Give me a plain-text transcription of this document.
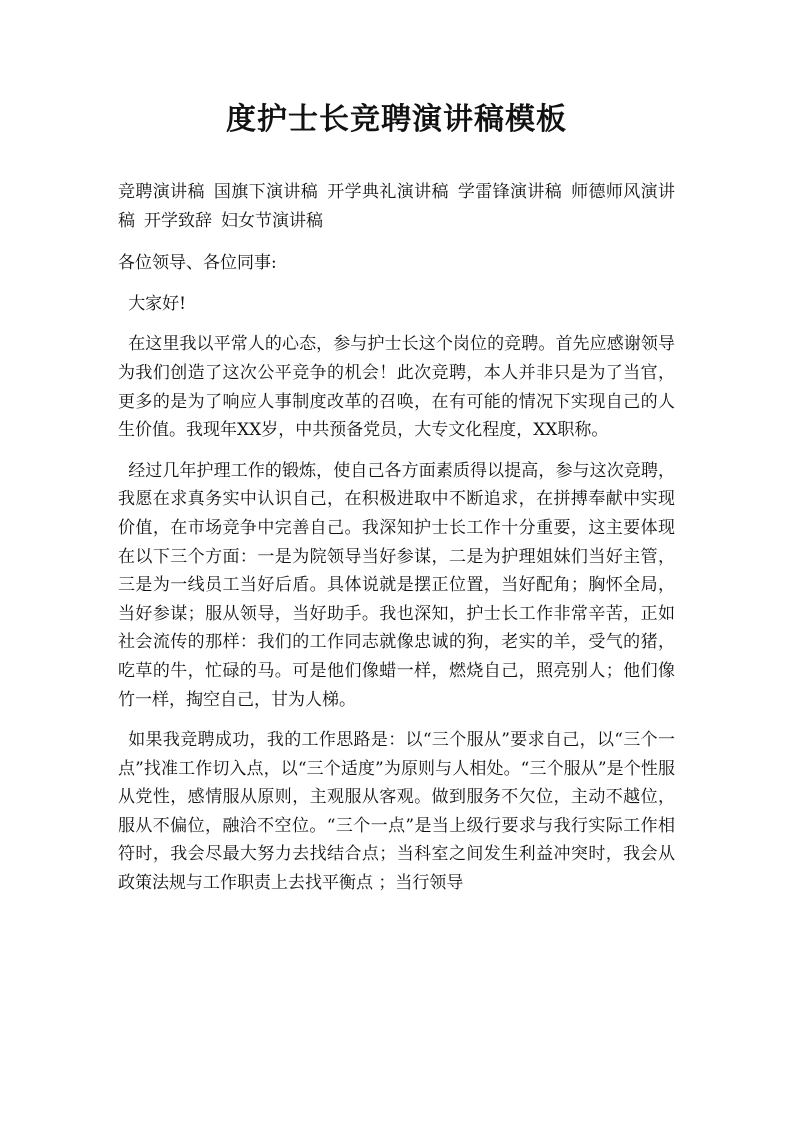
度护士长竞聘演讲稿模板

竞聘演讲稿 国旗下演讲稿 开学典礼演讲稿 学雷锋演讲稿 师德师风演讲稿 开学致辞 妇女节演讲稿

各位领导、各位同事:

大家好!

在这里我以平常人的心态，参与护士长这个岗位的竞聘。首先应感谢领导为我们创造了这次公平竞争的机会！此次竞聘，本人并非只是为了当官，更多的是为了响应人事制度改革的召唤，在有可能的情况下实现自己的人生价值。我现年XX岁，中共预备党员，大专文化程度，XX职称。

经过几年护理工作的锻炼，使自己各方面素质得以提高，参与这次竞聘，我愿在求真务实中认识自己，在积极进取中不断追求，在拼搏奉献中实现价值，在市场竞争中完善自己。我深知护士长工作十分重要，这主要体现在以下三个方面：一是为院领导当好参谋，二是为护理姐妹们当好主管，三是为一线员工当好后盾。具体说就是摆正位置，当好配角；胸怀全局，当好参谋；服从领导，当好助手。我也深知，护士长工作非常辛苦，正如社会流传的那样：我们的工作同志就像忠诚的狗，老实的羊，受气的猪，吃草的牛，忙碌的马。可是他们像蜡一样，燃烧自己，照亮别人；他们像竹一样，掏空自己，甘为人梯。

如果我竞聘成功，我的工作思路是：以“三个服从”要求自己，以“三个一点”找准工作切入点，以“三个适度”为原则与人相处。“三个服从”是个性服从党性，感情服从原则，主观服从客观。做到服务不欠位，主动不越位，服从不偏位，融洽不空位。“三个一点”是当上级行要求与我行实际工作相符时，我会尽最大努力去找结合点；当科室之间发生利益冲突时，我会从政策法规与工作职责上去找平衡点 ；当行领导
